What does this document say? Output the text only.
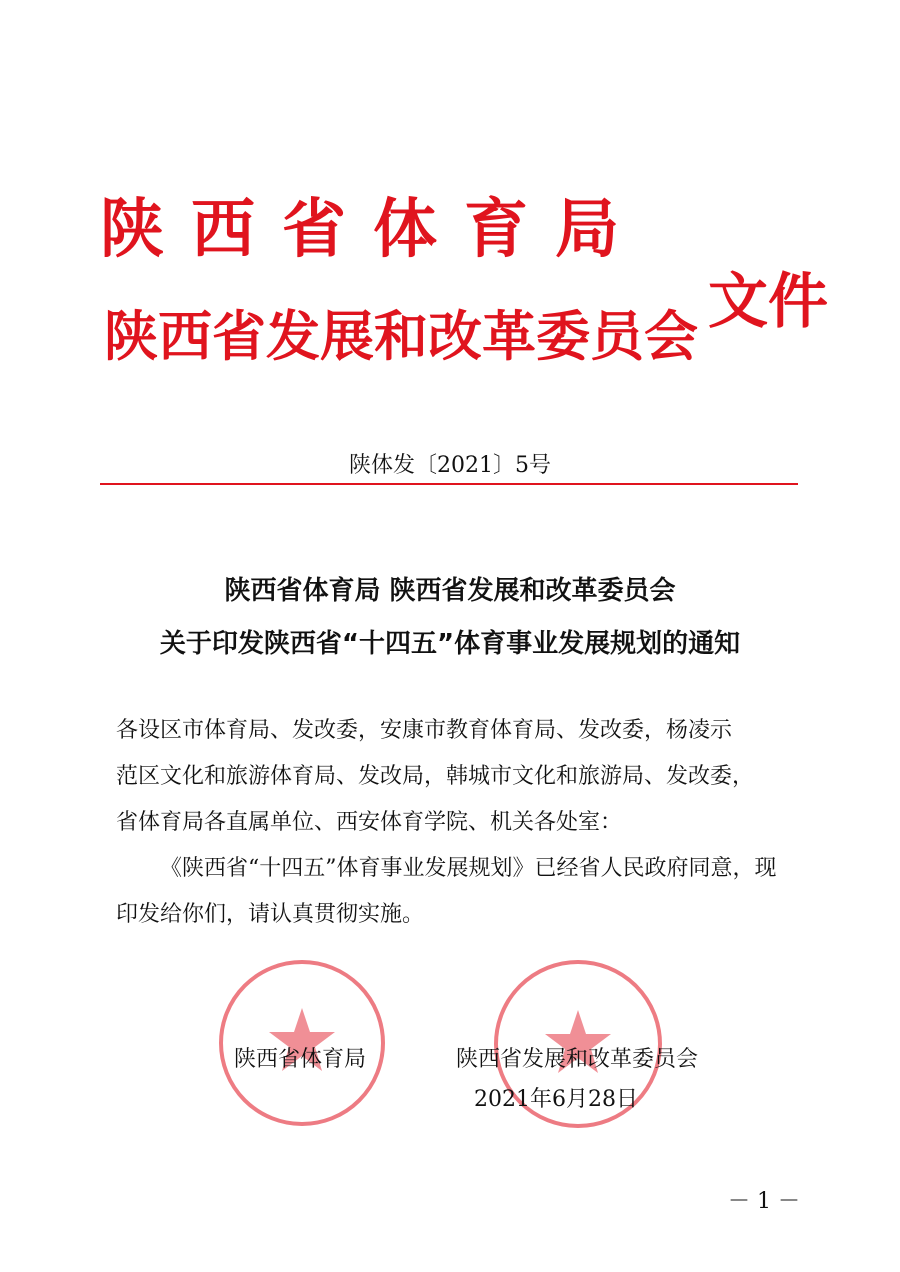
陕西省体育局
陕西省发展和改革委员会 文件
陕体发〔2021〕5号
陕西省体育局 陕西省发展和改革委员会
关于印发陕西省“十四五”体育事业发展规划的通知
各设区市体育局、发改委，安康市教育体育局、发改委，杨凌示
范区文化和旅游体育局、发改局，韩城市文化和旅游局、发改委，
省体育局各直属单位、西安体育学院、机关各处室：
《陕西省“十四五”体育事业发展规划》已经省人民政府同意，现印发给你们，请认真贯彻实施。
陕西省体育局	陕西省发展和改革委员会
2021年6月28日
－ 1 －
